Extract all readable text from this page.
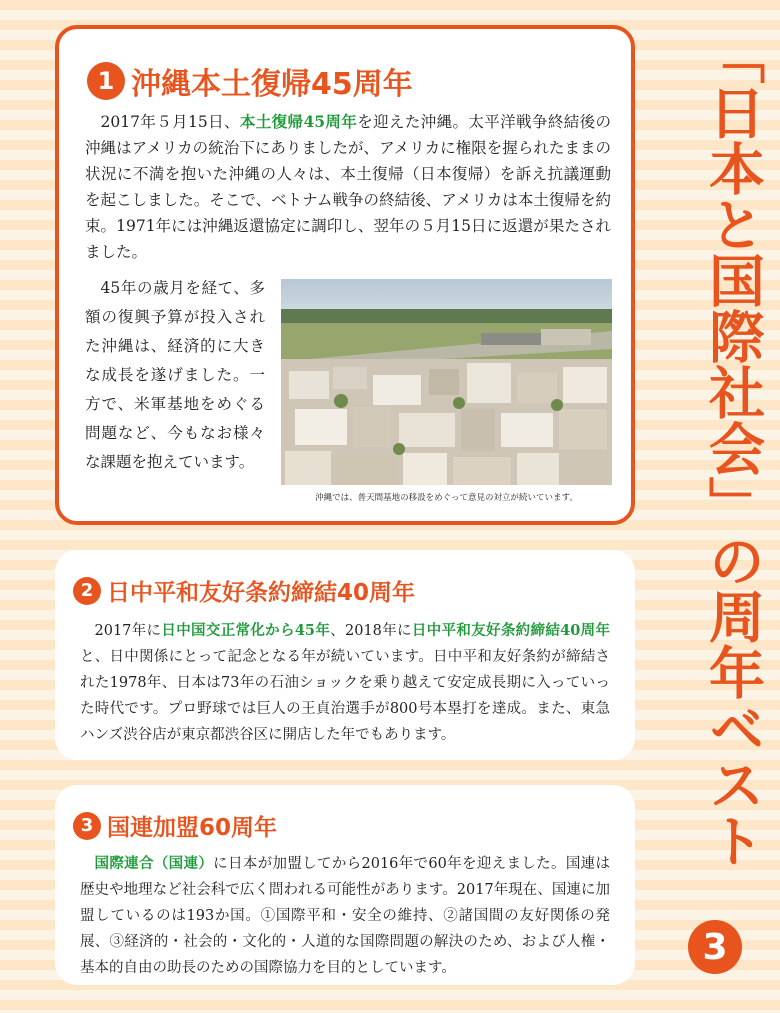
1 沖縄本土復帰45周年

2017年５月15日、本土復帰45周年を迎えた沖縄。太平洋戦争終結後の沖縄はアメリカの統治下にありましたが、アメリカに権限を握られたままの状況に不満を抱いた沖縄の人々は、本土復帰（日本復帰）を訴え抗議運動を起こしました。そこで、ベトナム戦争の終結後、アメリカは本土復帰を約束。1971年には沖縄返還協定に調印し、翌年の５月15日に返還が果たされました。

45年の歳月を経て、多額の復興予算が投入された沖縄は、経済的に大きな成長を遂げました。一方で、米軍基地をめぐる問題など、今もなお様々な課題を抱えています。

沖縄では、普天間基地の移設をめぐって意見の対立が続いています。
2 日中平和友好条約締結40周年

2017年に日中国交正常化から45年、2018年に日中平和友好条約締結40周年と、日中関係にとって記念となる年が続いています。日中平和友好条約が締結された1978年、日本は73年の石油ショックを乗り越えて安定成長期に入っていった時代です。プロ野球では巨人の王貞治選手が800号本塁打を達成。また、東急ハンズ渋谷店が東京都渋谷区に開店した年でもあります。

3 国連加盟60周年

国際連合（国連）に日本が加盟してから2016年で60年を迎えました。国連は歴史や地理など社会科で広く問われる可能性があります。2017年現在、国連に加盟しているのは193か国。①国際平和・安全の維持、②諸国間の友好関係の発展、③経済的・社会的・文化的・人道的な国際問題の解決のため、および人権・基本的自由の助長のための国際協力を目的としています。

「日本と国際社会」の周年ベスト
3
